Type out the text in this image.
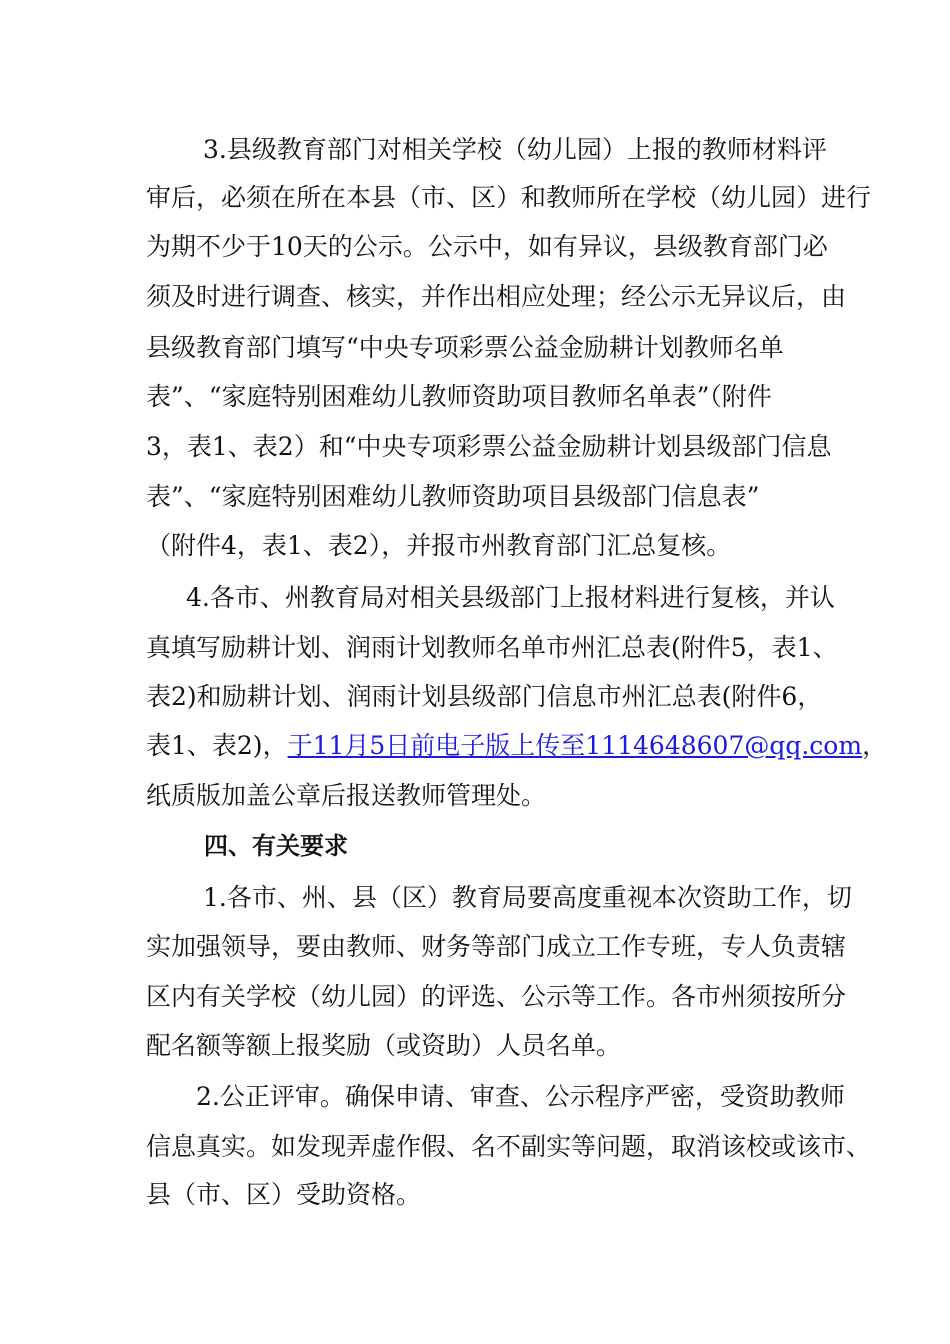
3.县级教育部门对相关学校（幼儿园）上报的教师材料评
审后，必须在所在本县（市、区）和教师所在学校（幼儿园）进行
为期不少于10天的公示。公示中，如有异议，县级教育部门必
须及时进行调查、核实，并作出相应处理；经公示无异议后，由
县级教育部门填写“中央专项彩票公益金励耕计划教师名单
表”、“家庭特别困难幼儿教师资助项目教师名单表”（附件
3，表1、表2）和“中央专项彩票公益金励耕计划县级部门信息
表”、“家庭特别困难幼儿教师资助项目县级部门信息表”
（附件4，表1、表2），并报市州教育部门汇总复核。
4.各市、州教育局对相关县级部门上报材料进行复核，并认
真填写励耕计划、润雨计划教师名单市州汇总表(附件5，表1、
表2)和励耕计划、润雨计划县级部门信息市州汇总表(附件6，
表1、表2)，于11月5日前电子版上传至1114648607@qq.com，
纸质版加盖公章后报送教师管理处。
四、有关要求
1.各市、州、县（区）教育局要高度重视本次资助工作，切
实加强领导，要由教师、财务等部门成立工作专班，专人负责辖
区内有关学校（幼儿园）的评选、公示等工作。各市州须按所分
配名额等额上报奖励（或资助）人员名单。
2.公正评审。确保申请、审查、公示程序严密，受资助教师
信息真实。如发现弄虚作假、名不副实等问题，取消该校或该市、
县（市、区）受助资格。
